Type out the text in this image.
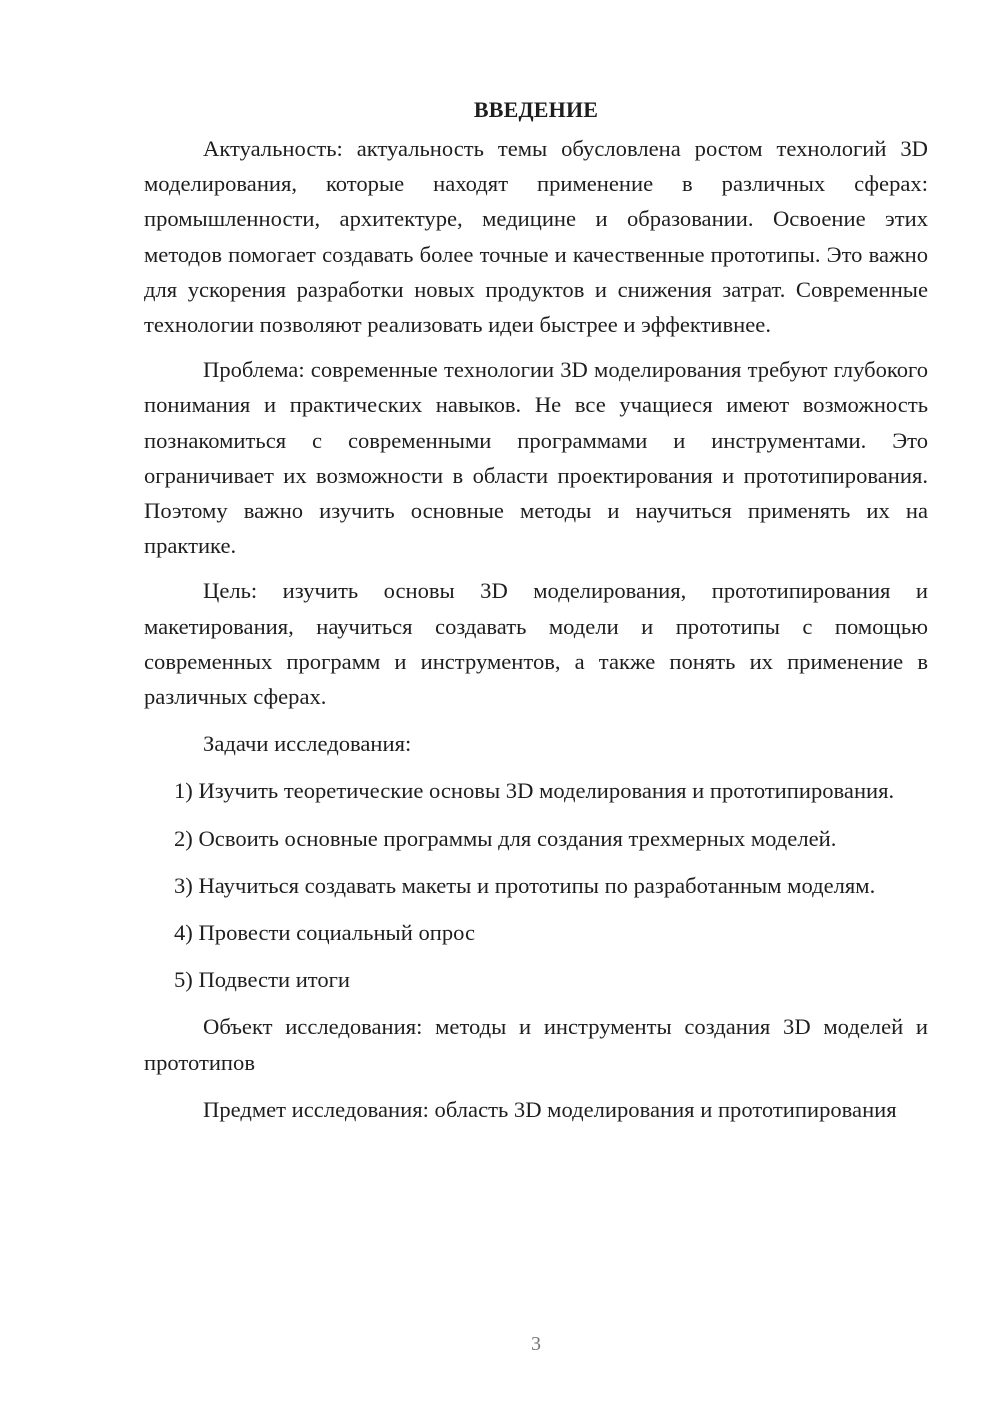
ВВЕДЕНИЕ

Актуальность: актуальность темы обусловлена ростом технологий 3D моделирования, которые находят применение в различных сферах: промышленности, архитектуре, медицине и образовании. Освоение этих методов помогает создавать более точные и качественные прототипы. Это важно для ускорения разработки новых продуктов и снижения затрат. Современные технологии позволяют реализовать идеи быстрее и эффективнее.

Проблема: современные технологии 3D моделирования требуют глубокого понимания и практических навыков. Не все учащиеся имеют возможность познакомиться с современными программами и инструментами. Это ограничивает их возможности в области проектирования и прототипирования. Поэтому важно изучить основные методы и научиться применять их на практике.

Цель: изучить основы 3D моделирования, прототипирования и макетирования, научиться создавать модели и прототипы с помощью современных программ и инструментов, а также понять их применение в различных сферах.

Задачи исследования:

1) Изучить теоретические основы 3D моделирования и прототипирования.

2) Освоить основные программы для создания трехмерных моделей.

3) Научиться создавать макеты и прототипы по разработанным моделям.

4) Провести социальный опрос

5) Подвести итоги

Объект исследования: методы и инструменты создания 3D моделей и прототипов

Предмет исследования: область 3D моделирования и прототипирования

3
